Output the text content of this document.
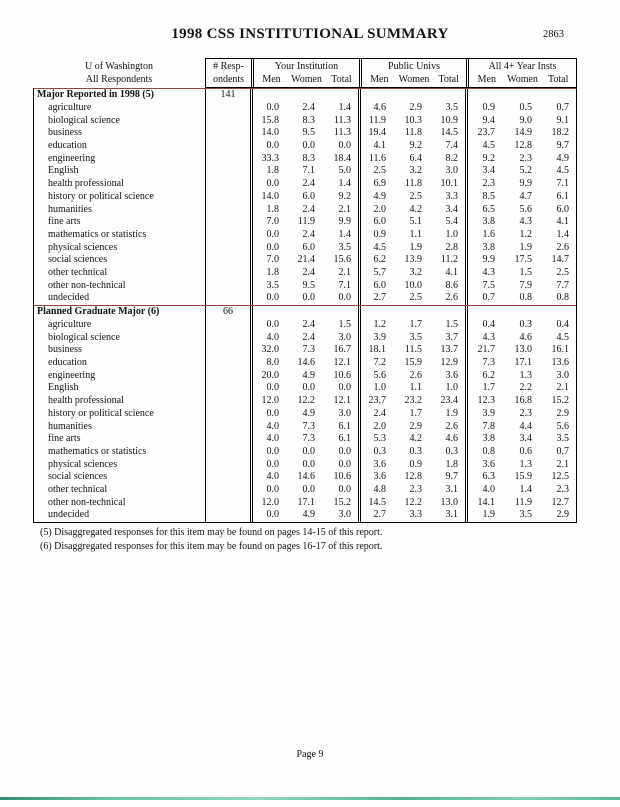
1998 CSS INSTITUTIONAL SUMMARY	2863
U of Washington
All Respondents
# Resp-
ondents
Your Institution
Men	Women Total
Public Univs
Men	Women Total
All 4+ Year Insts
Men	Women	Total
Major Reported in 1998 (5)	141
agriculture	0.0	2.4	1.4	4.6	2.9	3.5	0.9	0.5	0.7
biological science	15.8	8.3	11.3	11.9	10.3	10.9	9.4	9.0	9.1
business	14.0	9.5	11.3	19.4	11.8	14.5	23.7	14.9	18.2
education	0.0	0.0	0.0	4.1	9.2	7.4	4.5	12.8	9.7
engineering	33.3	8.3	18.4	11.6	6.4	8.2	9.2	2.3	4.9
English	1.8	7.1	5.0	2.5	3.2	3.0	3.4	5.2	4.5
health professional	0.0	2.4	1.4	6.9	11.8	10.1	2.3	9.9	7.1
history or political science	14.0	6.0	9.2	4.9	2.5	3.3	8.5	4.7	6.1
humanities	1.8	2.4	2.1	2.0	4.2	3.4	6.5	5.6	6.0
fine arts	7.0	11.9	9.9	6.0	5.1	5.4	3.8	4.3	4.1
mathematics or statistics	0.0	2.4	1.4	0.9	1.1	1.0	1.6	1.2	1.4
physical sciences	0.0	6.0	3.5	4.5	1.9	2.8	3.8	1.9	2.6
social sciences	7.0	21.4	15.6	6.2	13.9	11.2	9.9	17.5	14.7
other technical	1.8	2.4	2.1	5.7	3.2	4.1	4.3	1.5	2.5
other non-technical	3.5	9.5	7.1	6.0	10.0	8.6	7.5	7.9	7.7
undecided	0.0	0.0	0.0	2.7	2.5	2.6	0.7	0.8	0.8
Planned Graduate Major (6)	66
agriculture	0.0	2.4	1.5	1.2	1.7	1.5	0.4	0.3	0.4
biological science	4.0	2.4	3.0	3.9	3.5	3.7	4.3	4.6	4.5
business	32.0	7.3	16.7	18.1	11.5	13.7	21.7	13.0	16.1
education	8.0	14.6	12.1	7.2	15.9	12.9	7.3	17.1	13.6
engineering	20.0	4.9	10.6	5.6	2.6	3.6	6.2	1.3	3.0
English	0.0	0.0	0.0	1.0	1.1	1.0	1.7	2.2	2.1
health professional	12.0	12.2	12.1	23.7	23.2	23.4	12.3	16.8	15.2
history or political science	0.0	4.9	3.0	2.4	1.7	1.9	3.9	2.3	2.9
humanities	4.0	7.3	6.1	2.0	2.9	2.6	7.8	4.4	5.6
fine arts	4.0	7.3	6.1	5.3	4.2	4.6	3.8	3.4	3.5
mathematics or statistics	0.0	0.0	0.0	0.3	0.3	0.3	0.8	0.6	0.7
physical sciences	0.0	0.0	0.0	3.6	0.9	1.8	3.6	1.3	2.1
social sciences	4.0	14.6	10.6	3.6	12.8	9.7	6.3	15.9	12.5
other technical	0.0	0.0	0.0	4.8	2.3	3.1	4.0	1.4	2.3
other non-technical	12.0	17.1	15.2	14.5	12.2	13.0	14.1	11.9	12.7
undecided	0.0	4.9	3.0	2.7	3.3	3.1	1.9	3.5	2.9
(5) Disaggregated responses for this item may be found on pages 14-15 of this report.
(6) Disaggregated responses for this item may be found on pages 16-17 of this report.
Page 9
